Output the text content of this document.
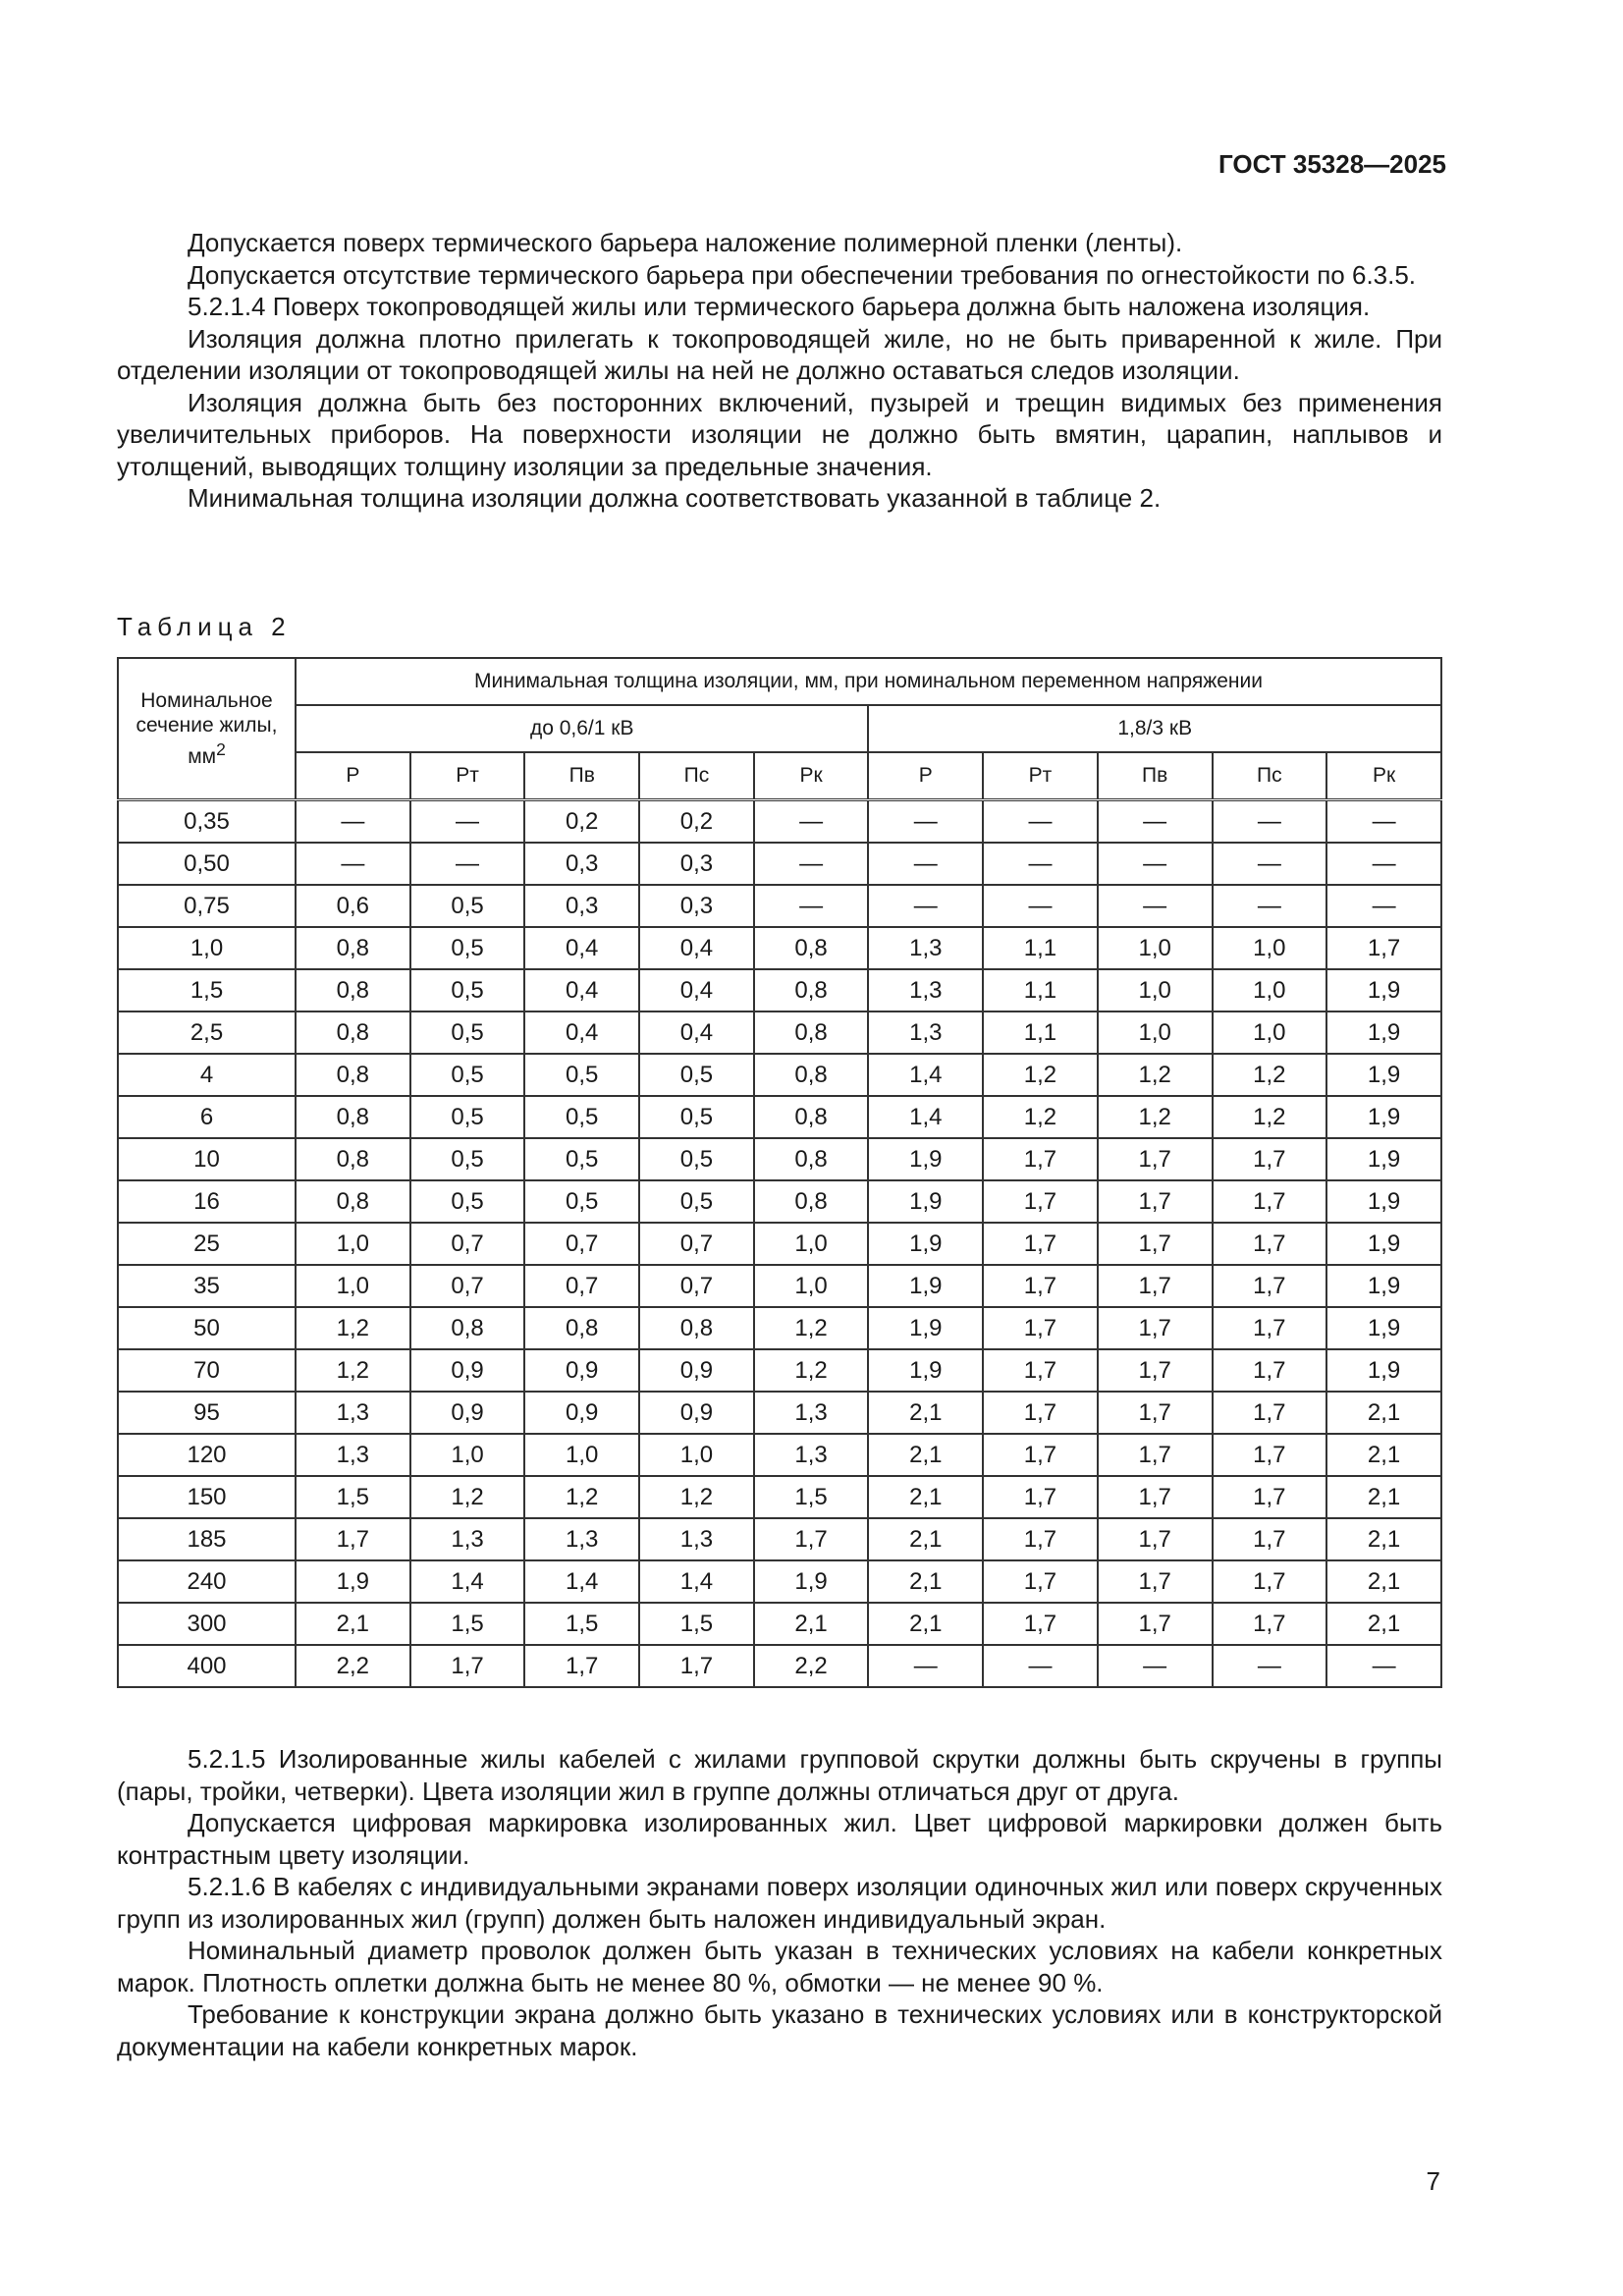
ГОСТ 35328—2025

Допускается поверх термического барьера наложение полимерной пленки (ленты).

Допускается отсутствие термического барьера при обеспечении требования по огнестойкости по 6.3.5.

5.2.1.4 Поверх токопроводящей жилы или термического барьера должна быть наложена изоляция.

Изоляция должна плотно прилегать к токопроводящей жиле, но не быть приваренной к жиле. При отделении изоляции от токопроводящей жилы на ней не должно оставаться следов изоляции.

Изоляция должна быть без посторонних включений, пузырей и трещин видимых без применения увеличительных приборов. На поверхности изоляции не должно быть вмятин, царапин, наплывов и утолщений, выводящих толщину изоляции за предельные значения.

Минимальная толщина изоляции должна соответствовать указанной в таблице 2.

Таблица 2
Номинальное сечение жилы, $мм^2$	Минимальная толщина изоляции, мм, при номинальном переменном напряжении									
	до 0,6/1 кВ					1,8/3 кВ				
	Р	Рт	Пв	Пс	Рк	Р	Рт	Пв	Пс	Рк
0,35	—	—	0,2	0,2	—	—	—	—	—	—
0,50	—	—	0,3	0,3	—	—	—	—	—	—
0,75	0,6	0,5	0,3	0,3	—	—	—	—	—	—
1,0	0,8	0,5	0,4	0,4	0,8	1,3	1,1	1,0	1,0	1,7
1,5	0,8	0,5	0,4	0,4	0,8	1,3	1,1	1,0	1,0	1,9
2,5	0,8	0,5	0,4	0,4	0,8	1,3	1,1	1,0	1,0	1,9
4	0,8	0,5	0,5	0,5	0,8	1,4	1,2	1,2	1,2	1,9
6	0,8	0,5	0,5	0,5	0,8	1,4	1,2	1,2	1,2	1,9
10	0,8	0,5	0,5	0,5	0,8	1,9	1,7	1,7	1,7	1,9
16	0,8	0,5	0,5	0,5	0,8	1,9	1,7	1,7	1,7	1,9
25	1,0	0,7	0,7	0,7	1,0	1,9	1,7	1,7	1,7	1,9
35	1,0	0,7	0,7	0,7	1,0	1,9	1,7	1,7	1,7	1,9
50	1,2	0,8	0,8	0,8	1,2	1,9	1,7	1,7	1,7	1,9
70	1,2	0,9	0,9	0,9	1,2	1,9	1,7	1,7	1,7	1,9
95	1,3	0,9	0,9	0,9	1,3	2,1	1,7	1,7	1,7	2,1
120	1,3	1,0	1,0	1,0	1,3	2,1	1,7	1,7	1,7	2,1
150	1,5	1,2	1,2	1,2	1,5	2,1	1,7	1,7	1,7	2,1
185	1,7	1,3	1,3	1,3	1,7	2,1	1,7	1,7	1,7	2,1
240	1,9	1,4	1,4	1,4	1,9	2,1	1,7	1,7	1,7	2,1
300	2,1	1,5	1,5	1,5	2,1	2,1	1,7	1,7	1,7	2,1
400	2,2	1,7	1,7	1,7	2,2	—	—	—	—	—

5.2.1.5 Изолированные жилы кабелей с жилами групповой скрутки должны быть скручены в группы (пары, тройки, четверки). Цвета изоляции жил в группе должны отличаться друг от друга.

Допускается цифровая маркировка изолированных жил. Цвет цифровой маркировки должен быть контрастным цвету изоляции.

5.2.1.6 В кабелях с индивидуальными экранами поверх изоляции одиночных жил или поверх скрученных групп из изолированных жил (групп) должен быть наложен индивидуальный экран.

Номинальный диаметр проволок должен быть указан в технических условиях на кабели конкретных марок. Плотность оплетки должна быть не менее 80 %, обмотки — не менее 90 %.

Требование к конструкции экрана должно быть указано в технических условиях или в конструкторской документации на кабели конкретных марок.

7
